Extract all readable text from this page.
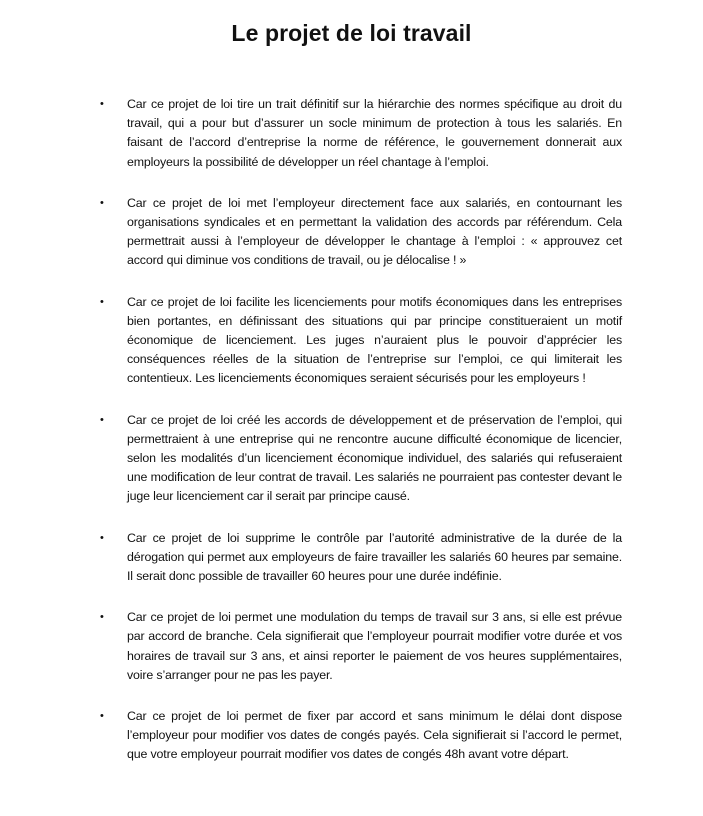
Le projet de loi travail
• Car ce projet de loi tire un trait définitif sur la hiérarchie des normes spécifique au droit du travail, qui a pour but d’assurer un socle minimum de protection à tous les salariés. En faisant de l’accord d’entreprise la norme de référence, le gouvernement donnerait aux employeurs la possibilité de développer un réel chantage à l’emploi.
• Car ce projet de loi met l’employeur directement face aux salariés, en contournant les organisations syndicales et en permettant la validation des accords par référendum. Cela permettrait aussi à l’employeur de développer le chantage à l’emploi : « approuvez cet accord qui diminue vos conditions de travail, ou je délocalise ! »
• Car ce projet de loi facilite les licenciements pour motifs économiques dans les entreprises bien portantes, en définissant des situations qui par principe constitueraient un motif économique de licenciement. Les juges n’auraient plus le pouvoir d’apprécier les conséquences réelles de la situation de l’entreprise sur l’emploi, ce qui limiterait les contentieux. Les licenciements économiques seraient sécurisés pour les employeurs !
• Car ce projet de loi créé les accords de développement et de préservation de l’emploi, qui permettraient à une entreprise qui ne rencontre aucune difficulté économique de licencier, selon les modalités d’un licenciement économique individuel, des salariés qui refuseraient une modification de leur contrat de travail. Les salariés ne pourraient pas contester devant le juge leur licenciement car il serait par principe causé.
• Car ce projet de loi supprime le contrôle par l’autorité administrative de la durée de la dérogation qui permet aux employeurs de faire travailler les salariés 60 heures par semaine. Il serait donc possible de travailler 60 heures pour une durée indéfinie.
• Car ce projet de loi permet une modulation du temps de travail sur 3 ans, si elle est prévue par accord de branche. Cela signifierait que l’employeur pourrait modifier votre durée et vos horaires de travail sur 3 ans, et ainsi reporter le paiement de vos heures supplémentaires, voire s’arranger pour ne pas les payer.
• Car ce projet de loi permet de fixer par accord et sans minimum le délai dont dispose l’employeur pour modifier vos dates de congés payés. Cela signifierait si l’accord le permet, que votre employeur pourrait modifier vos dates de congés 48h avant votre départ.
